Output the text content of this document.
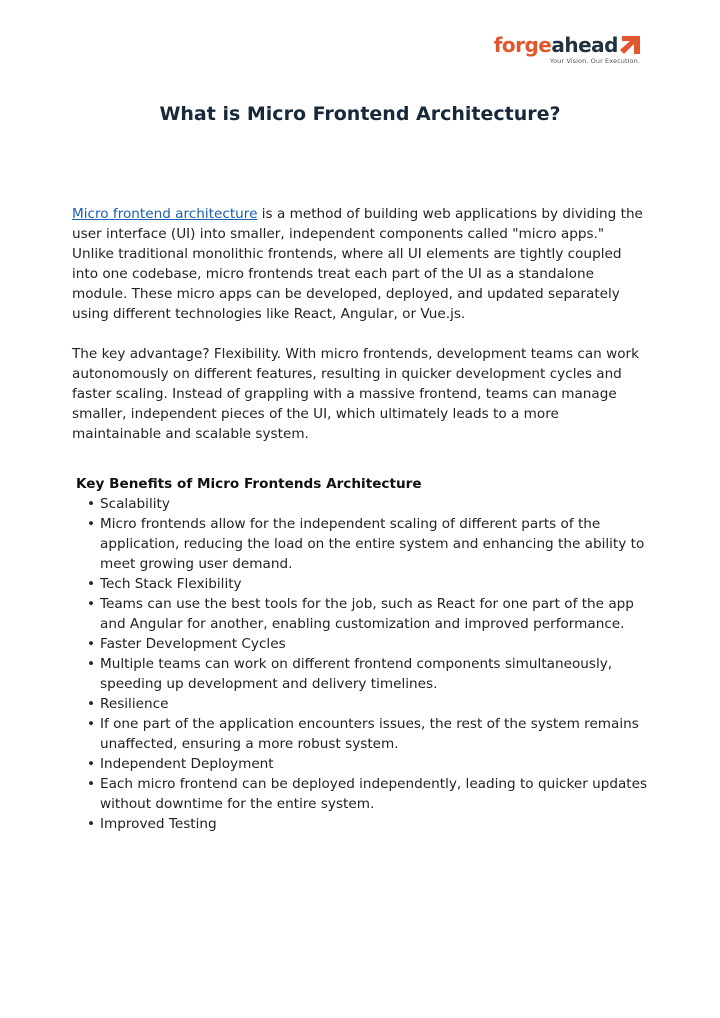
forge ahead
Your Vision. Our Execution.
What is Micro Frontend Architecture?

Micro frontend architecture is a method of building web applications by dividing the user interface (UI) into smaller, independent components called "micro apps." Unlike traditional monolithic frontends, where all UI elements are tightly coupled into one codebase, micro frontends treat each part of the UI as a standalone module. These micro apps can be developed, deployed, and updated separately using different technologies like React, Angular, or Vue.js.

The key advantage? Flexibility. With micro frontends, development teams can work autonomously on different features, resulting in quicker development cycles and faster scaling. Instead of grappling with a massive frontend, teams can manage smaller, independent pieces of the UI, which ultimately leads to a more maintainable and scalable system.

Key Benefits of Micro Frontends Architecture
• Scalability
• Micro frontends allow for the independent scaling of different parts of the application, reducing the load on the entire system and enhancing the ability to meet growing user demand.
• Tech Stack Flexibility
• Teams can use the best tools for the job, such as React for one part of the app and Angular for another, enabling customization and improved performance.
• Faster Development Cycles
• Multiple teams can work on different frontend components simultaneously, speeding up development and delivery timelines.
• Resilience
• If one part of the application encounters issues, the rest of the system remains unaffected, ensuring a more robust system.
• Independent Deployment
• Each micro frontend can be deployed independently, leading to quicker updates without downtime for the entire system.
• Improved Testing
